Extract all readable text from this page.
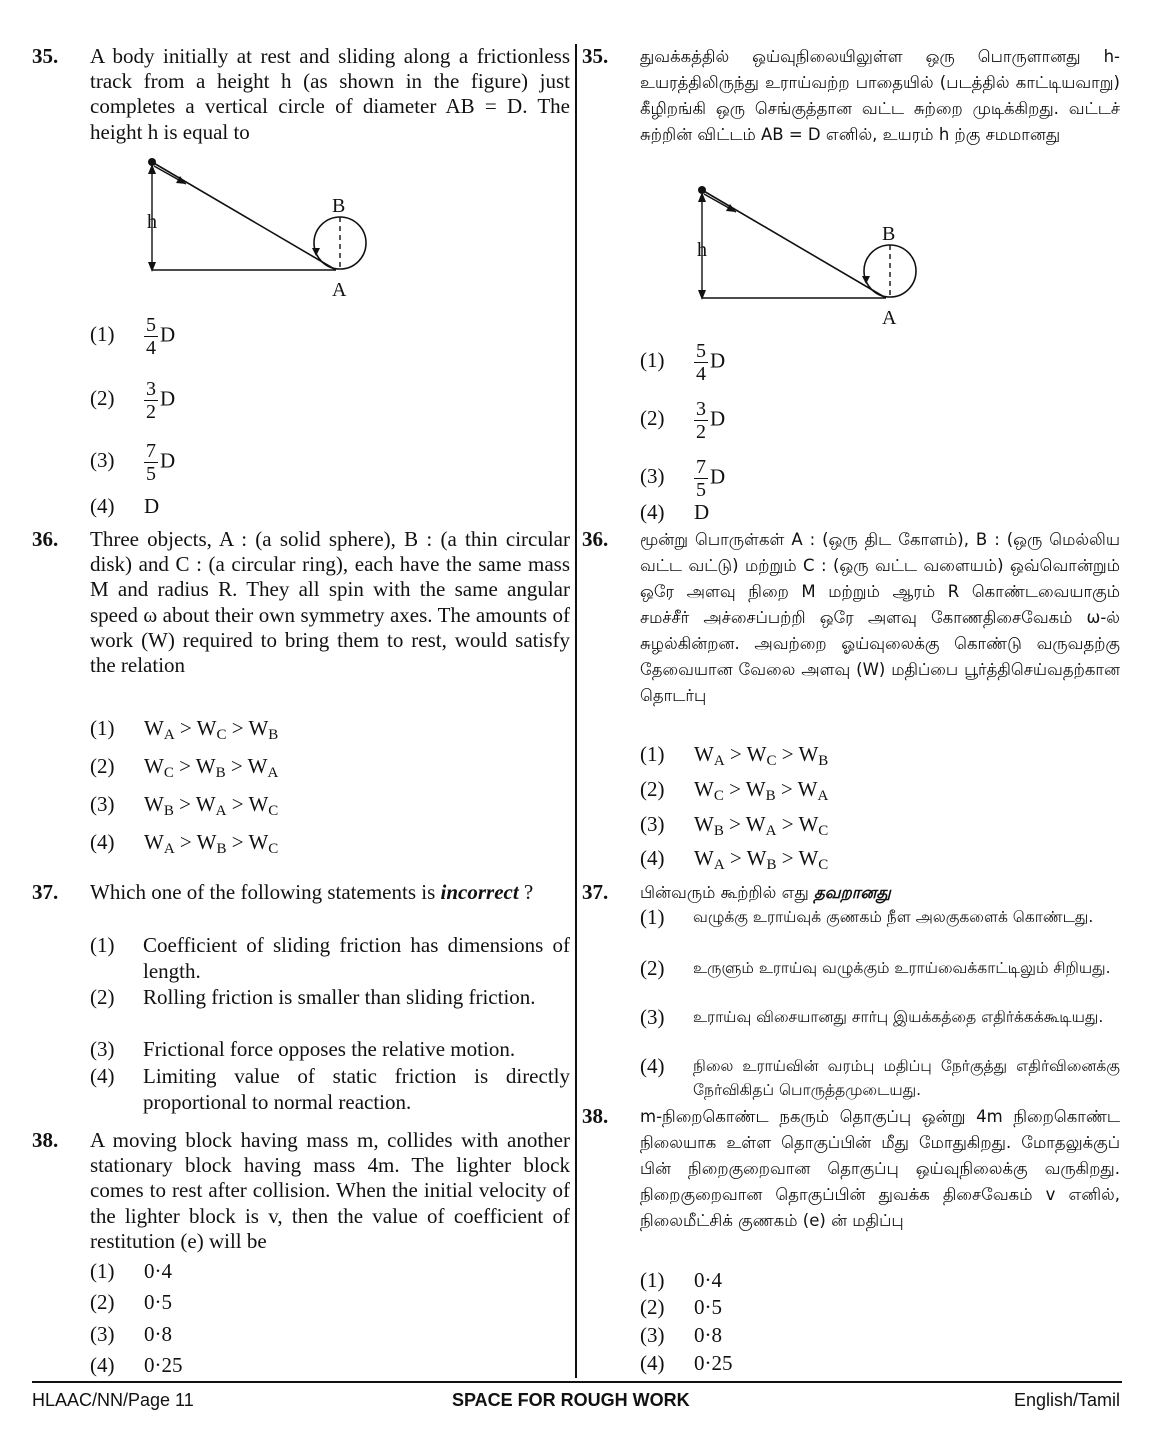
35. A body initially at rest and sliding along a frictionless track from a height h (as shown in the figure) just completes a vertical circle of diameter AB = D. The height h is equal to
h
B
A
$(1) \frac{5}{4}$ D
$(2) \frac{3}{2}$ D
$(3) \frac{7}{5}$ D
(4) D
36. Three objects, A : (a solid sphere), B : (a thin circular disk) and C : (a circular ring), each have the same mass M and radius R. They all spin with the same angular speed ω about their own symmetry axes. The amounts of work (W) required to bring them to rest, would satisfy the relation
(1) $W_A > W_C > W_B$
(2) $W_C > W_B > W_A$
(3) $W_B > W_A > W_C$
(4) $W_A > W_B > W_C$
37. Which one of the following statements is incorrect ?
(1) Coefficient of sliding friction has dimensions of length.
(2) Rolling friction is smaller than sliding friction.
(3) Frictional force opposes the relative motion.
(4) Limiting value of static friction is directly proportional to normal reaction.
38. A moving block having mass m, collides with another stationary block having mass 4m. The lighter block comes to rest after collision. When the initial velocity of the lighter block is v, then the value of coefficient of restitution (e) will be
(1) 0·4
(2) 0·5
(3) 0·8
(4) 0·25
35. துவக்கத்தில் ஒய்வுநிலையிலுள்ள ஒரு பொருளானது h-உயரத்திலிருந்து உராய்வற்ற பாதையில் (படத்தில் காட்டியவாறு) கீழிறங்கி ஒரு செங்குத்தான வட்ட சுற்றை முடிக்கிறது. வட்டச் சுற்றின் விட்டம் AB = D எனில், உயரம் h ற்கு சமமானது
h
B
A
$(1) \frac{5}{4}$ D
$(2) \frac{3}{2}$ D
$(3) \frac{7}{5}$ D
(4) D
36. மூன்று பொருள்கள் A : (ஒரு திட கோளம்), B : (ஒரு மெல்லிய வட்ட வட்டு) மற்றும் C : (ஒரு வட்ட வளையம்) ஒவ்வொன்றும் ஒரே அளவு நிறை M மற்றும் ஆரம் R கொண்டவையாகும் சமச்சீர் அச்சைப்பற்றி ஒரே அளவு கோணதிசைவேகம் ω-ல் சுழல்கின்றன. அவற்றை ஓய்வுலைக்கு கொண்டு வருவதற்கு தேவையான வேலை அளவு (W) மதிப்பை பூர்த்திசெய்வதற்கான தொடர்பு
(1) $W_A > W_C > W_B$
(2) $W_C > W_B > W_A$
(3) $W_B > W_A > W_C$
(4) $W_A > W_B > W_C$
37. பின்வரும் கூற்றில் எது தவறானது
(1) வழுக்கு உராய்வுக் குணகம் நீள அலகுகளைக் கொண்டது.
(2) உருளும் உராய்வு வழுக்கும் உராய்வைக்காட்டிலும் சிறியது.
(3) உராய்வு விசையானது சார்பு இயக்கத்தை எதிர்க்கக்கூடியது.
(4) நிலை உராய்வின் வரம்பு மதிப்பு நேர்குத்து எதிர்வினைக்கு நேர்விகிதப் பொருத்தமுடையது.
38. m-நிறைகொண்ட நகரும் தொகுப்பு ஒன்று 4m நிறைகொண்ட நிலையாக உள்ள தொகுப்பின் மீது மோதுகிறது. மோதலுக்குப் பின் நிறைகுறைவான தொகுப்பு ஒய்வுநிலைக்கு வருகிறது. நிறைகுறைவான தொகுப்பின் துவக்க திசைவேகம் v எனில், நிலைமீட்சிக் குணகம் (e) ன் மதிப்பு
(1) 0·4
(2) 0·5
(3) 0·8
(4) 0·25
HLAAC/NN/Page 11	SPACE FOR ROUGH WORK	English/Tamil
